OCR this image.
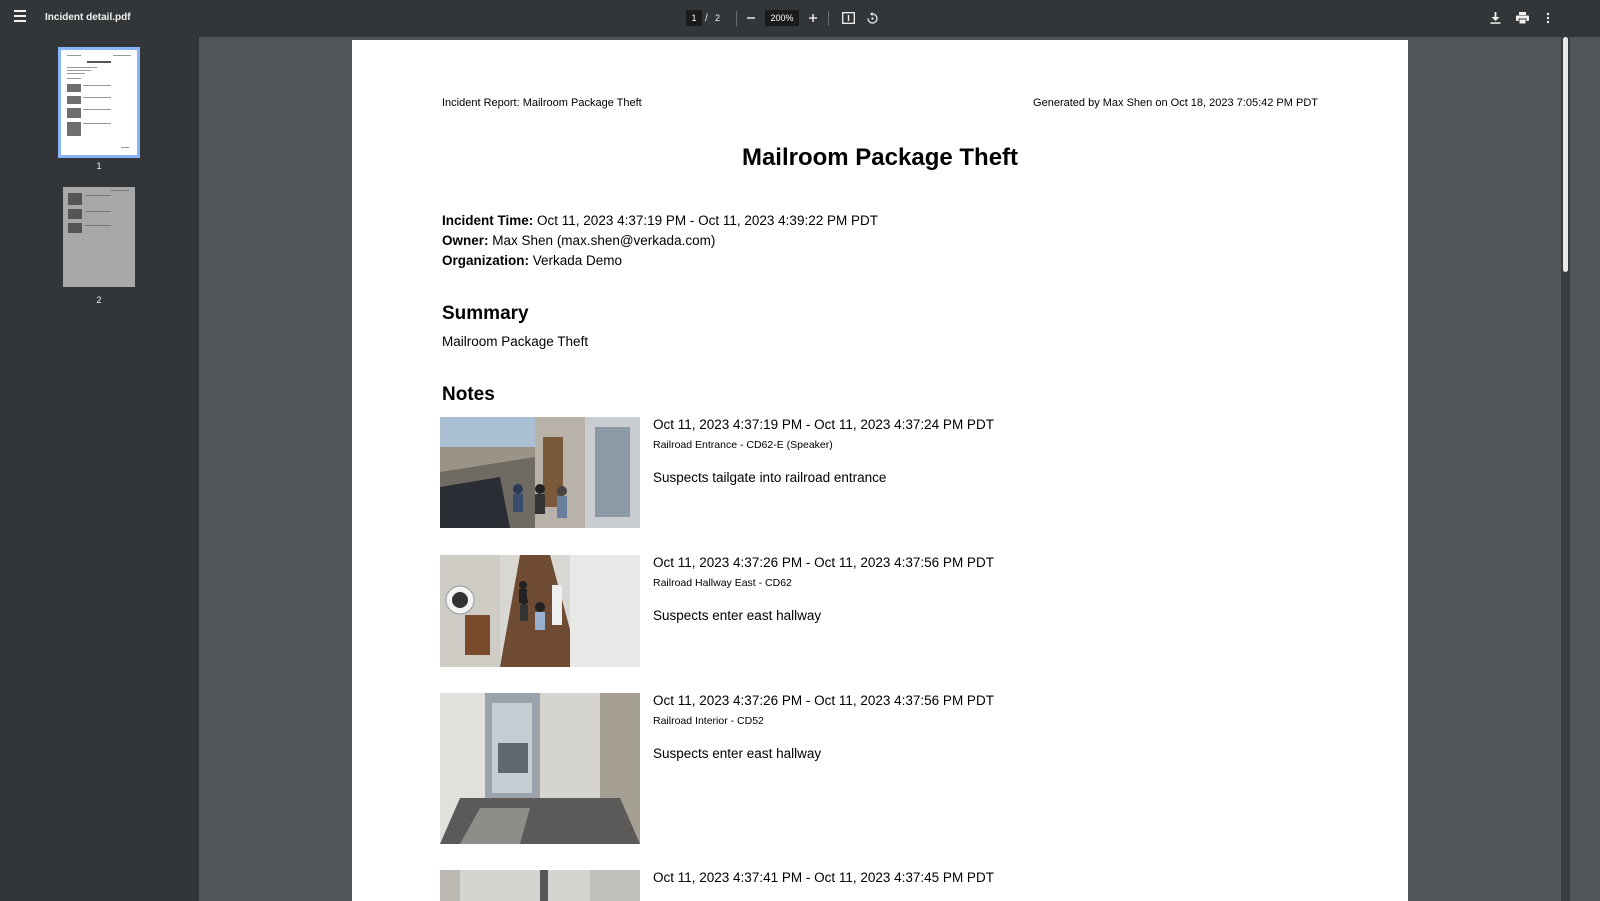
Incident detail.pdf	1 / 2	200%
1
2
Incident Report: Mailroom Package Theft	Generated by Max Shen on Oct 18, 2023 7:05:42 PM PDT
Mailroom Package Theft
Incident Time: Oct 11, 2023 4:37:19 PM - Oct 11, 2023 4:39:22 PM PDT
Owner: Max Shen (max.shen@verkada.com)
Organization: Verkada Demo
Summary
Mailroom Package Theft
Notes
Oct 11, 2023 4:37:19 PM - Oct 11, 2023 4:37:24 PM PDT
Railroad Entrance - CD62-E (Speaker)
Suspects tailgate into railroad entrance
Oct 11, 2023 4:37:26 PM - Oct 11, 2023 4:37:56 PM PDT
Railroad Hallway East - CD62
Suspects enter east hallway
Oct 11, 2023 4:37:26 PM - Oct 11, 2023 4:37:56 PM PDT
Railroad Interior - CD52
Suspects enter east hallway
Oct 11, 2023 4:37:41 PM - Oct 11, 2023 4:37:45 PM PDT
